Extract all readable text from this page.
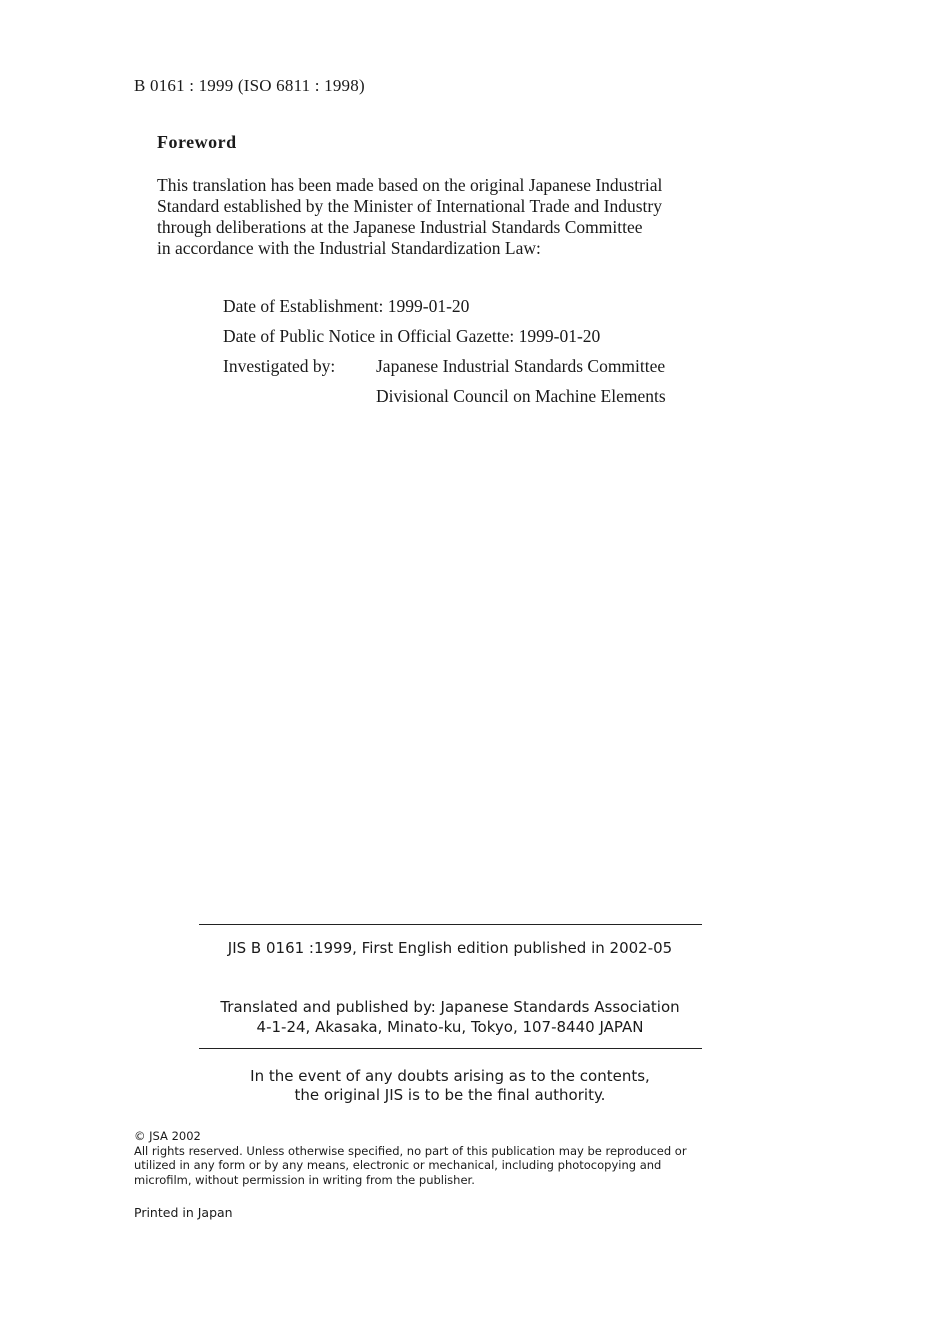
B 0161 : 1999 (ISO 6811 : 1998)
Foreword
This translation has been made based on the original Japanese Industrial
Standard established by the Minister of International Trade and Industry
through deliberations at the Japanese Industrial Standards Committee
in accordance with the Industrial Standardization Law:
Date of Establishment: 1999-01-20
Date of Public Notice in Official Gazette: 1999-01-20
Investigated by: Japanese Industrial Standards Committee
Divisional Council on Machine Elements
JIS B 0161 :1999, First English edition published in 2002-05
Translated and published by: Japanese Standards Association
4-1-24, Akasaka, Minato-ku, Tokyo, 107-8440 JAPAN
In the event of any doubts arising as to the contents,
the original JIS is to be the final authority.
© JSA 2002
All rights reserved. Unless otherwise specified, no part of this publication may be reproduced or
utilized in any form or by any means, electronic or mechanical, including photocopying and
microfilm, without permission in writing from the publisher.
Printed in Japan
